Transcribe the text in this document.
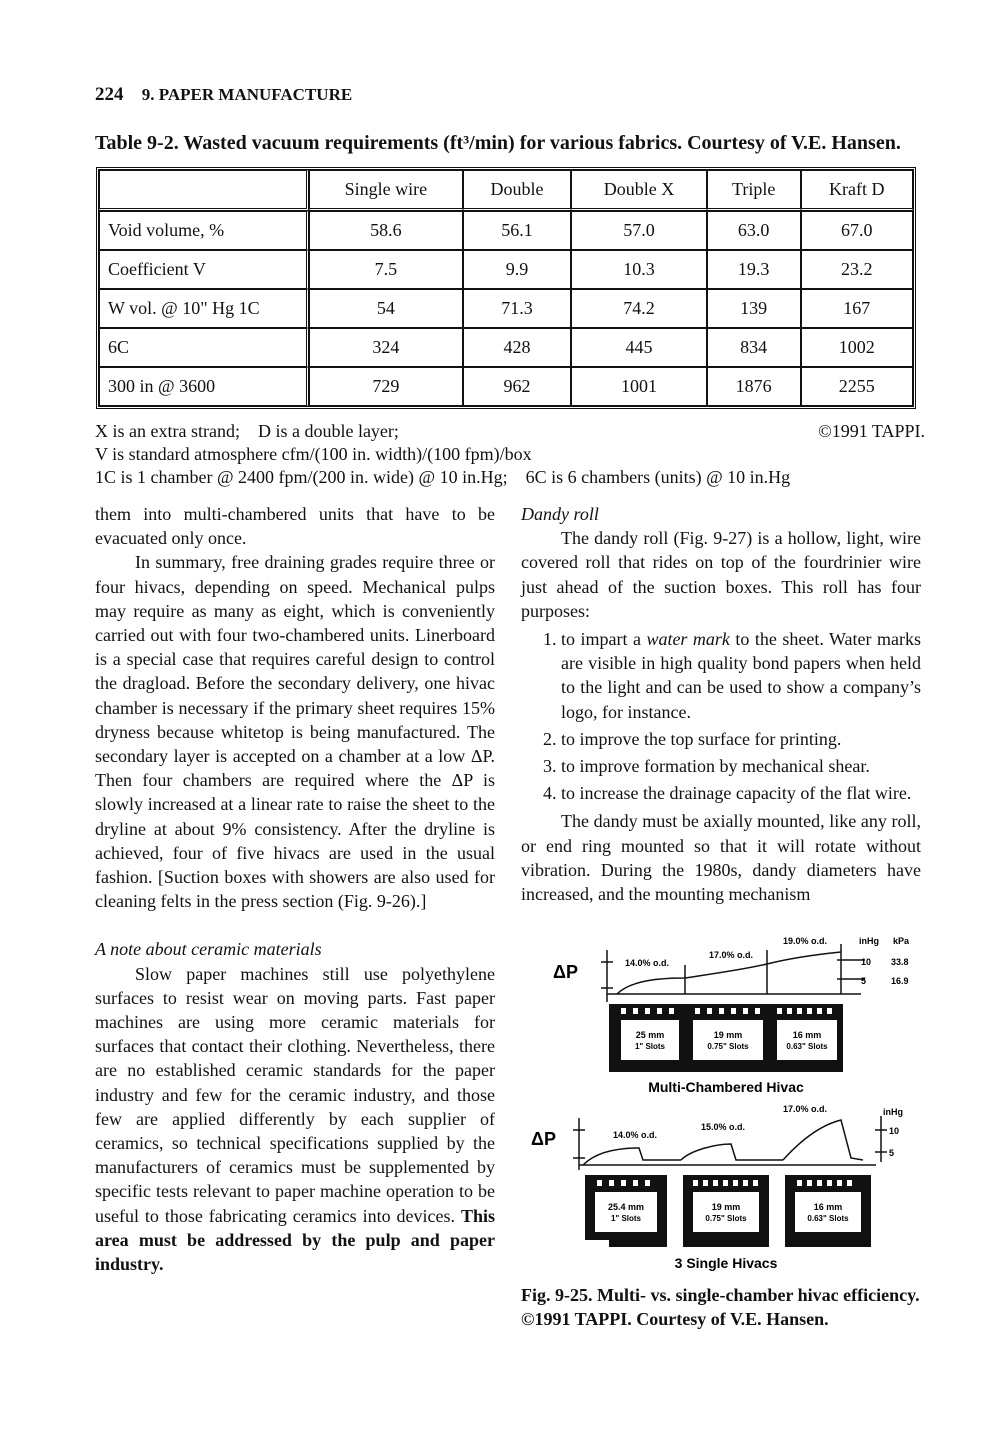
224 9. PAPER MANUFACTURE
Table 9-2. Wasted vacuum requirements (ft³/min) for various fabrics. Courtesy of V.E. Hansen.
	Single wire	Double	Double X	Triple	Kraft D
Void volume, %	58.6	56.1	57.0	63.0	67.0
Coefficient V	7.5	9.9	10.3	19.3	23.2
W vol. @ 10" Hg 1C	54	71.3	74.2	139	167
6C	324	428	445	834	1002
300 in @ 3600	729	962	1001	1876	2255
X is an extra strand;    D is a double layer;	©1991 TAPPI.
V is standard atmosphere cfm/(100 in. width)/(100 fpm)/box
1C is 1 chamber @ 2400 fpm/(200 in. wide) @ 10 in.Hg;    6C is 6 chambers (units) @ 10 in.Hg

them into multi-chambered units that have to be evacuated only once.

In summary, free draining grades require three or four hivacs, depending on speed. Mechanical pulps may require as many as eight, which is conveniently carried out with four two-chambered units. Linerboard is a special case that requires careful design to control the dragload. Before the secondary delivery, one hivac chamber is necessary if the primary sheet requires 15% dryness because whitetop is being manufactured. The secondary layer is accepted on a chamber at a low ΔP. Then four chambers are required where the ΔP is slowly increased at a linear rate to raise the sheet to the dryline at about 9% consistency. After the dryline is achieved, four of five hivacs are used in the usual fashion. [Suction boxes with showers are also used for cleaning felts in the press section (Fig. 9-26).]

A note about ceramic materials

Slow paper machines still use polyethylene surfaces to resist wear on moving parts. Fast paper machines are using more ceramic materials for surfaces that contact their clothing. Nevertheless, there are no established ceramic standards for the paper industry and few for the ceramic industry, and those few are applied differently by each supplier of ceramics, so technical specifications supplied by the manufacturers of ceramics must be supplemented by specific tests relevant to paper machine operation to be useful to those fabricating ceramics into devices. This area must be addressed by the pulp and paper industry.

Dandy roll

The dandy roll (Fig. 9-27) is a hollow, light, wire covered roll that rides on top of the fourdrinier wire just ahead of the suction boxes. This roll has four purposes:

1. to impart a water mark to the sheet. Water marks are visible in high quality bond papers when held to the light and can be used to show a company’s logo, for instance.
2. to improve the top surface for printing.
3. to improve formation by mechanical shear.
4. to increase the drainage capacity of the flat wire.

The dandy must be axially mounted, like any roll, or end ring mounted so that it will rotate without vibration. During the 1980s, dandy diameters have increased, and the mounting mechanism

ΔP	14.0% o.d.
17.0% o.d.
19.0% o.d.	inHg kPa
10 33.8
5	16.9
25 mm
1" Slots
19 mm
0.75" Slots
16 mm
0.63" Slots
Multi-Chambered Hivac
ΔP	14.0% o.d.
15.0% o.d.
17.0% o.d.	inHg
10
5
25.4 mm
1" Slots
19 mm
0.75" Slots
16 mm
0.63" Slots
3 Single Hivacs
Fig. 9-25. Multi- vs. single-chamber hivac efficiency. ©1991 TAPPI. Courtesy of V.E. Hansen.
